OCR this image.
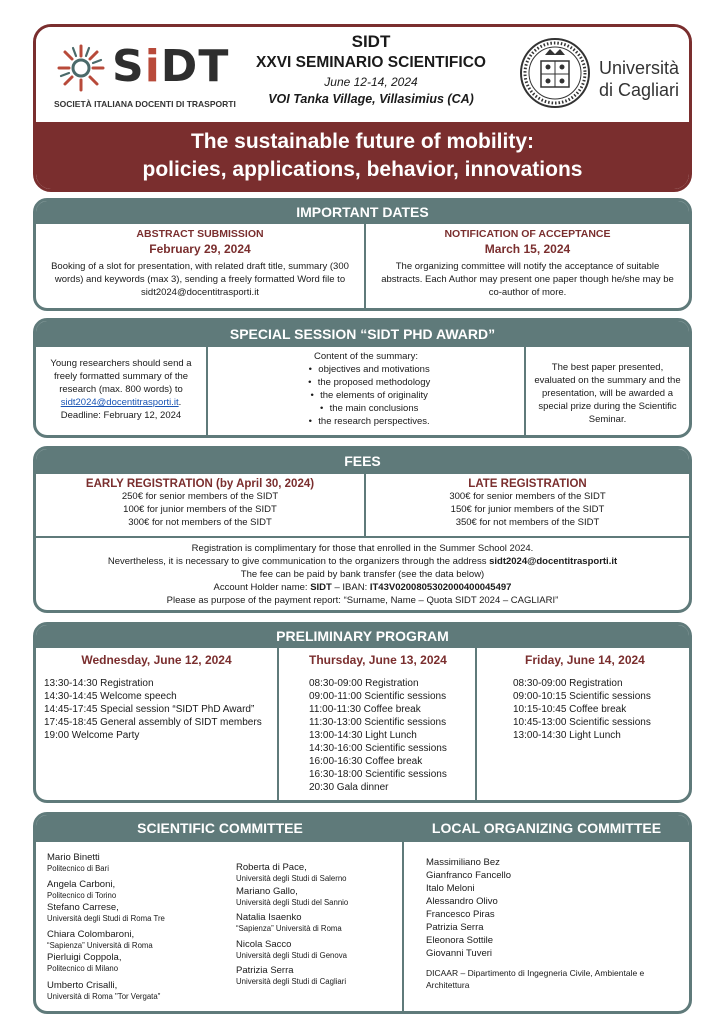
SiDT
SOCIETÀ ITALIANA DOCENTI DI TRASPORTI
SIDT
XXVI SEMINARIO SCIENTIFICO
June 12-14, 2024
VOI Tanka Village, Villasimius (CA)
Università
di Cagliari
The sustainable future of mobility:
policies, applications, behavior, innovations
IMPORTANT DATES
ABSTRACT SUBMISSION
February 29, 2024
Booking of a slot for presentation, with related draft title, summary (300 words) and keywords (max 3), sending a freely formatted Word file to sidt2024@docentitrasporti.it
NOTIFICATION OF ACCEPTANCE
March 15, 2024
The organizing committee will notify the acceptance of suitable abstracts. Each Author may present one paper though he/she may be co-author of more.
SPECIAL SESSION “SIDT PHD AWARD”
Young researchers should send a freely formatted summary of the research (max. 800 words) to
sidt2024@docentitrasporti.it.
Deadline: February 12, 2024
Content of the summary:
• objectives and motivations
• the proposed methodology
• the elements of originality
• the main conclusions
• the research perspectives.
The best paper presented, evaluated on the summary and the presentation, will be awarded a special prize during the Scientific Seminar.
FEES
EARLY REGISTRATION (by April 30, 2024)
250€ for senior members of the SIDT
100€ for junior members of the SIDT
300€ for not members of the SIDT
LATE REGISTRATION
300€ for senior members of the SIDT
150€ for junior members of the SIDT
350€ for not members of the SIDT
Registration is complimentary for those that enrolled in the Summer School 2024.
Nevertheless, it is necessary to give communication to the organizers through the address sidt2024@docentitrasporti.it
The fee can be paid by bank transfer (see the data below)
Account Holder name: SIDT – IBAN: IT43V0200805302000400045497
Please as purpose of the payment report: “Surname, Name – Quota SIDT 2024 – CAGLIARI”
PRELIMINARY PROGRAM
Wednesday, June 12, 2024
13:30-14:30 Registration
14:30-14:45 Welcome speech
14:45-17:45 Special session “SIDT PhD Award”
17:45-18:45 General assembly of SIDT members
19:00 Welcome Party
Thursday, June 13, 2024
08:30-09:00 Registration
09:00-11:00 Scientific sessions
11:00-11:30 Coffee break
11:30-13:00 Scientific sessions
13:00-14:30 Light Lunch
14:30-16:00 Scientific sessions
16:00-16:30 Coffee break
16:30-18:00 Scientific sessions
20:30 Gala dinner
Friday, June 14, 2024
08:30-09:00 Registration
09:00-10:15 Scientific sessions
10:15-10:45 Coffee break
10:45-13:00 Scientific sessions
13:00-14:30 Light Lunch
SCIENTIFIC COMMITTEE	LOCAL ORGANIZING COMMITTEE
Mario Binetti
Politecnico di Bari
Angela Carboni,
Politecnico di Torino
Stefano Carrese,
Università degli Studi di Roma Tre
Chiara Colombaroni,
“Sapienza” Università di Roma
Pierluigi Coppola,
Politecnico di Milano
Umberto Crisalli,
Università di Roma "Tor Vergata"
Roberta di Pace,
Università degli Studi di Salerno
Mariano Gallo,
Università degli Studi del Sannio
Natalia Isaenko
“Sapienza” Università di Roma
Nicola Sacco
Università degli Studi di Genova
Patrizia Serra
Università degli Studi di Cagliari
Massimiliano Bez
Gianfranco Fancello
Italo Meloni
Alessandro Olivo
Francesco Piras
Patrizia Serra
Eleonora Sottile
Giovanni Tuveri
DICAAR – Dipartimento di Ingegneria Civile, Ambientale e Architettura
